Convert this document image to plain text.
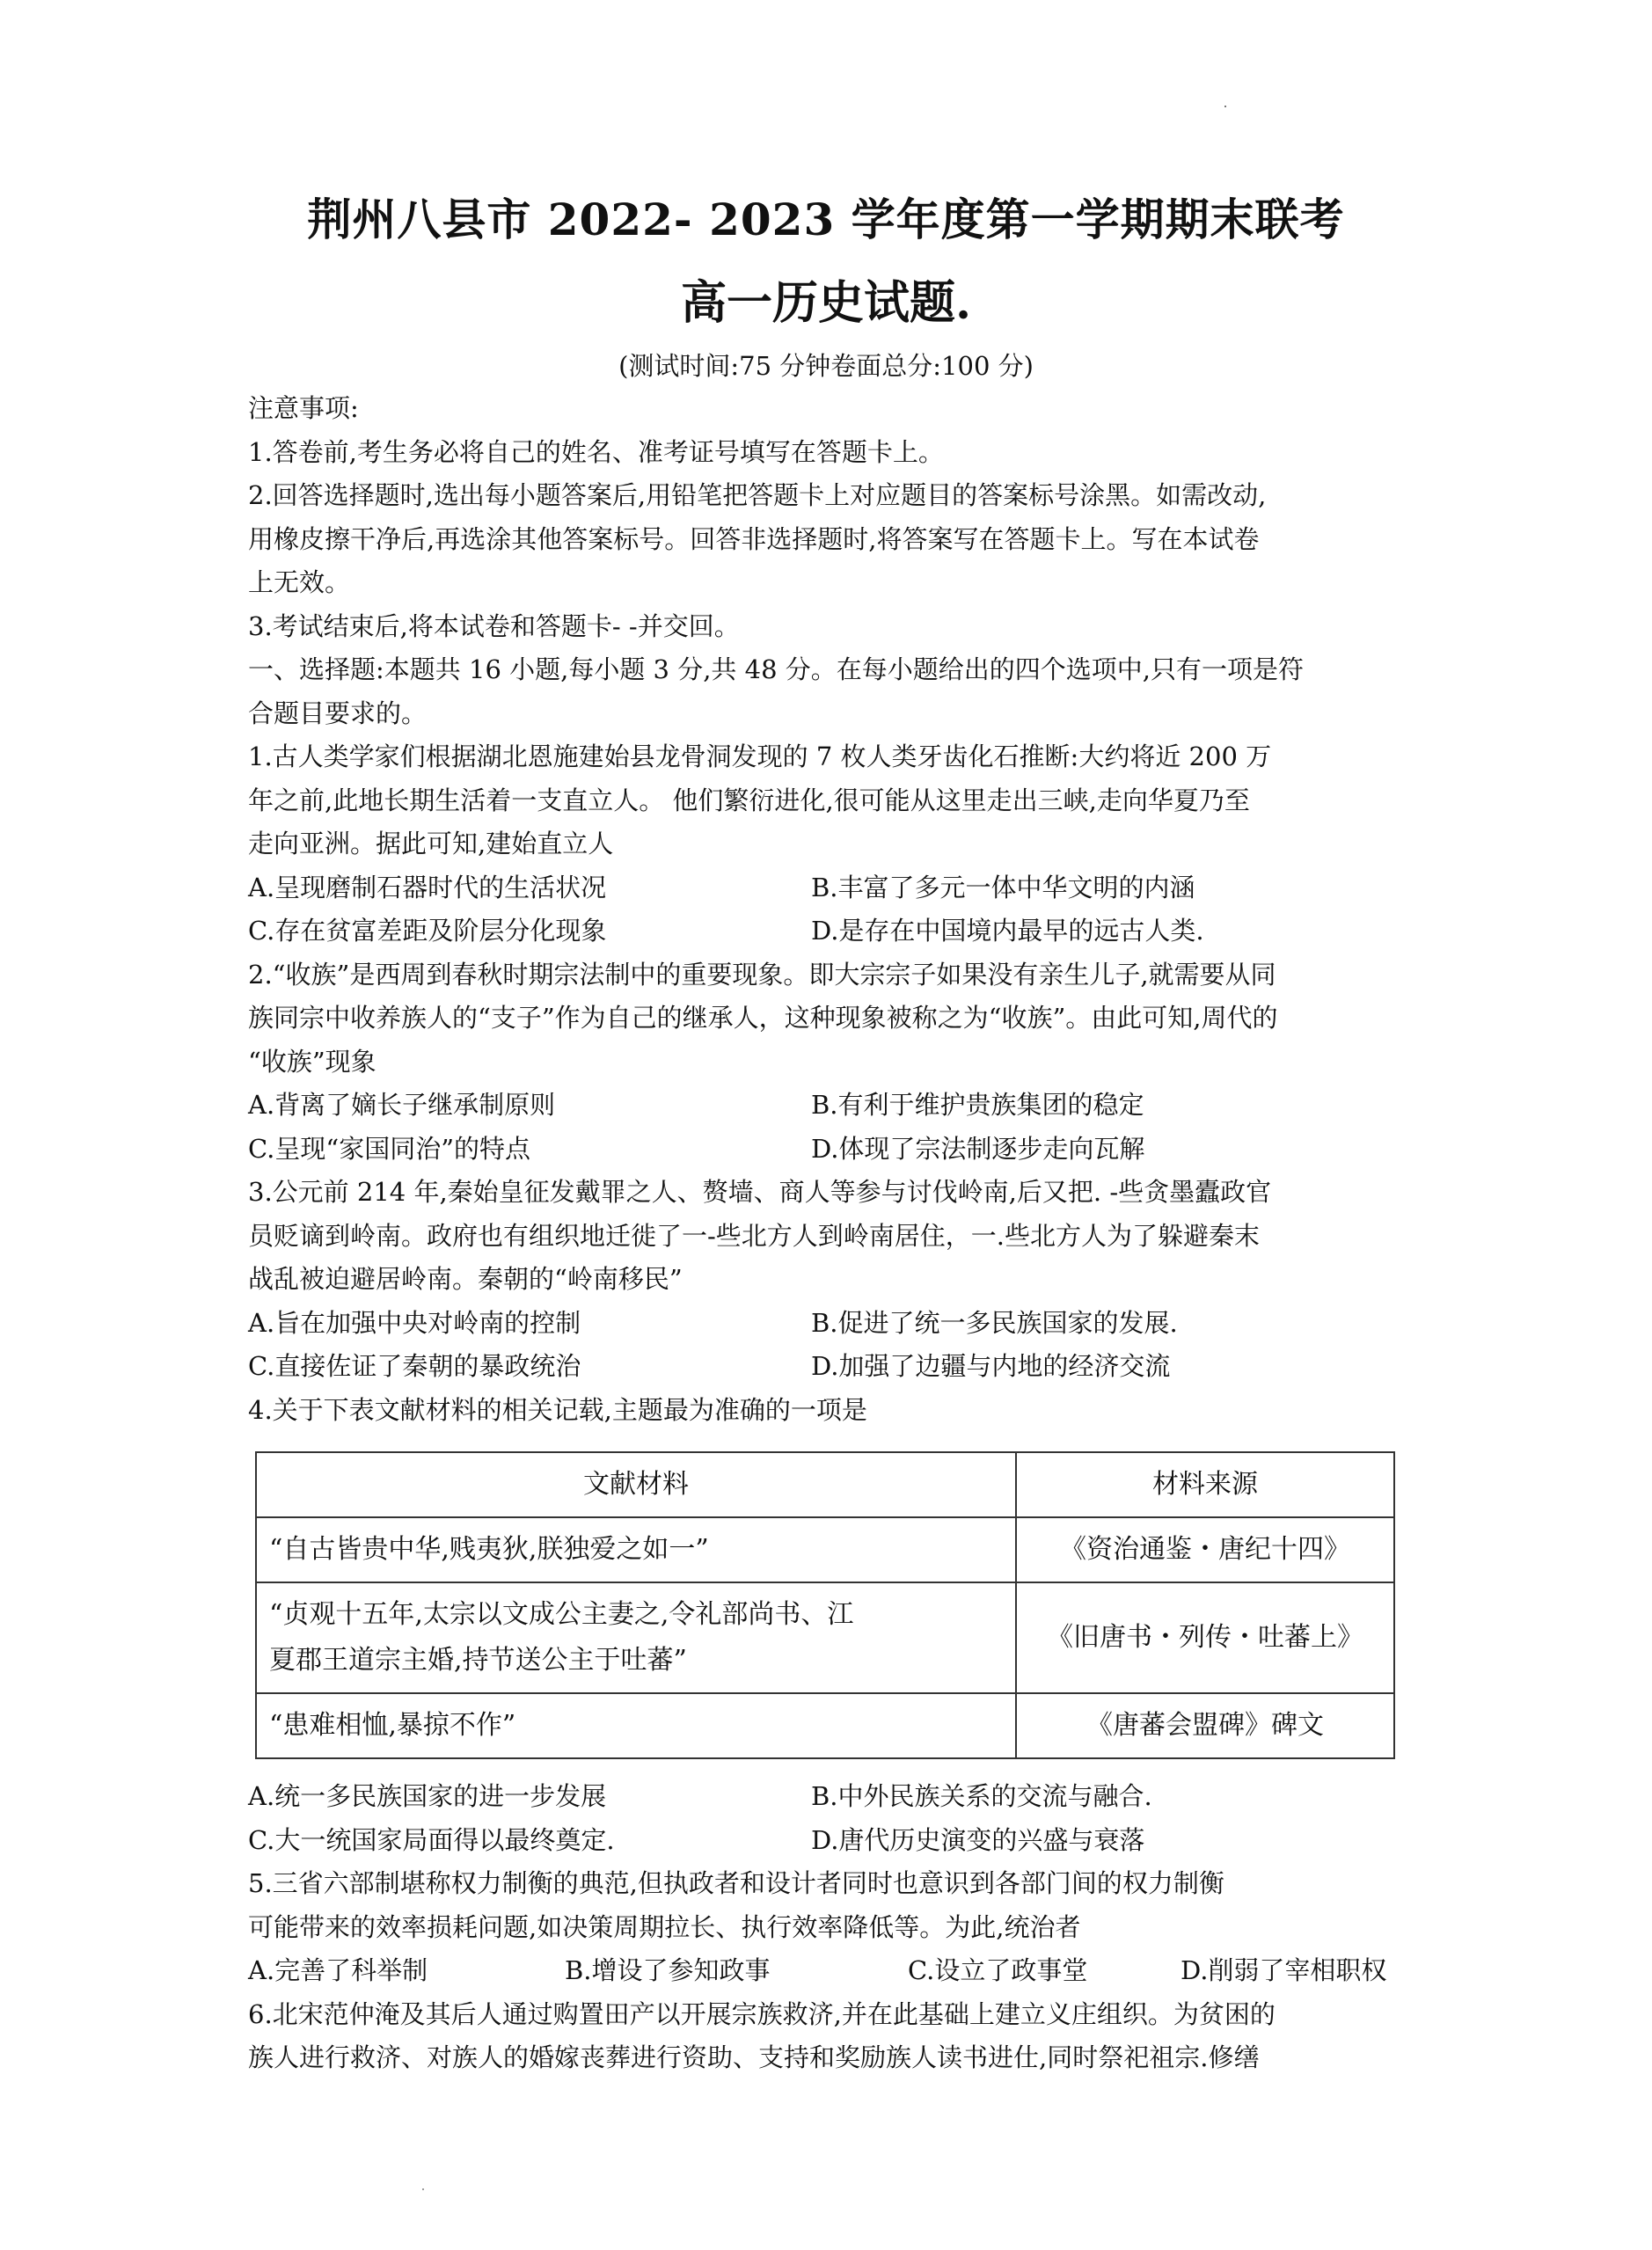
荆州八县市 2022- 2023 学年度第一学期期末联考
高一历史试题.
(测试时间:75 分钟卷面总分:100 分)

注意事项:

1.答卷前,考生务必将自己的姓名、准考证号填写在答题卡上。

2.回答选择题时,选出每小题答案后,用铅笔把答题卡上对应题目的答案标号涂黑。如需改动,

用橡皮擦干净后,再选涂其他答案标号。回答非选择题时,将答案写在答题卡上。写在本试卷

上无效。

3.考试结束后,将本试卷和答题卡- -并交回。

一、选择题:本题共 16 小题,每小题 3 分,共 48 分。在每小题给出的四个选项中,只有一项是符

合题目要求的。

1.古人类学家们根据湖北恩施建始县龙骨洞发现的 7 枚人类牙齿化石推断:大约将近 200 万

年之前,此地长期生活着一支直立人。 他们繁衍进化,很可能从这里走出三峡,走向华夏乃至

走向亚洲。据此可知,建始直立人

A.呈现磨制石器时代的生活状况	B.丰富了多元一体中华文明的内涵
C.存在贫富差距及阶层分化现象	D.是存在中国境内最早的远古人类.

2.“收族”是西周到春秋时期宗法制中的重要现象。即大宗宗子如果没有亲生儿子,就需要从同

族同宗中收养族人的“支子”作为自己的继承人，这种现象被称之为“收族”。由此可知,周代的

“收族”现象

A.背离了嫡长子继承制原则	B.有利于维护贵族集团的稳定
C.呈现“家国同治”的特点	D.体现了宗法制逐步走向瓦解

3.公元前 214 年,秦始皇征发戴罪之人、赘墙、商人等参与讨伐岭南,后又把. -些贪墨蠹政官

员贬谪到岭南。政府也有组织地迁徙了一-些北方人到岭南居住，一.些北方人为了躲避秦末

战乱被迫避居岭南。秦朝的“岭南移民”

A.旨在加强中央对岭南的控制	B.促进了统一多民族国家的发展.
C.直接佐证了秦朝的暴政统治	D.加强了边疆与内地的经济交流

4.关于下表文献材料的相关记载,主题最为准确的一项是

文献材料	材料来源
“自古皆贵中华,贱夷狄,朕独爱之如一”	《资治通鉴・唐纪十四》

“贞观十五年,太宗以文成公主妻之,令礼部尚书、江
夏郡王道宗主婚,持节送公主于吐蕃”	《旧唐书・列传・吐蕃上》
“患难相恤,暴掠不作”	《唐蕃会盟碑》碑文
A.统一多民族国家的进一步发展	B.中外民族关系的交流与融合.
C.大一统国家局面得以最终奠定.	D.唐代历史演变的兴盛与衰落

5.三省六部制堪称权力制衡的典范,但执政者和设计者同时也意识到各部门间的权力制衡

可能带来的效率损耗问题,如决策周期拉长、执行效率降低等。为此,统治者

A.完善了科举制	B.增设了参知政事	C.设立了政事堂	D.削弱了宰相职权

6.北宋范仲淹及其后人通过购置田产以开展宗族救济,并在此基础上建立义庄组织。为贫困的

族人进行救济、对族人的婚嫁丧葬进行资助、支持和奖励族人读书进仕,同时祭祀祖宗.修缮
